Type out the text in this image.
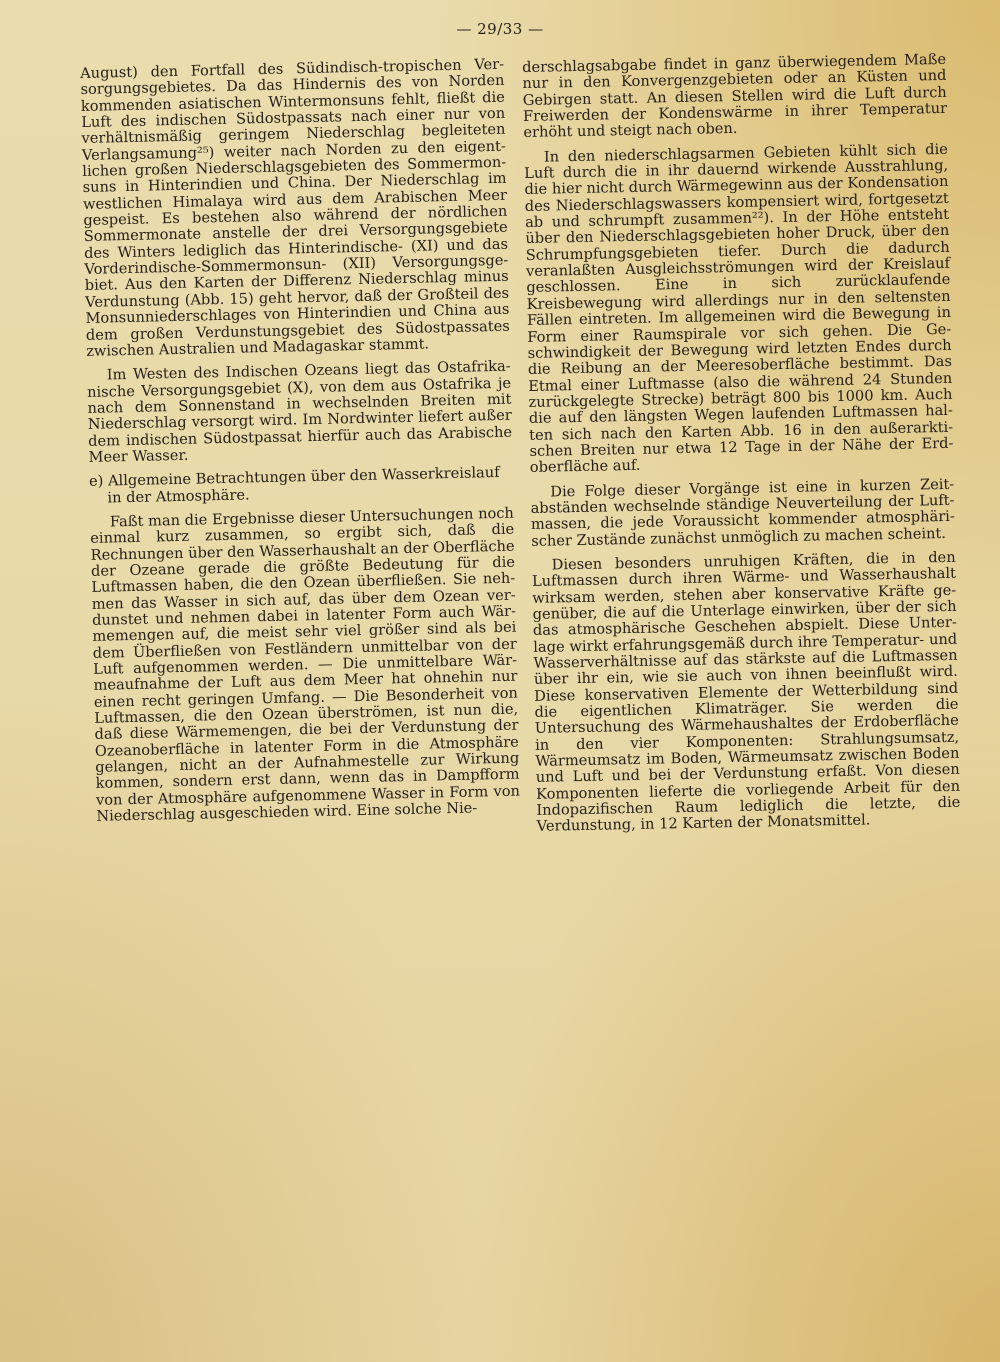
— 29/33 —

August) den Fortfall des Südindisch-tropischen Versorgungsgebietes. Da das Hindernis des von Norden kommenden asiatischen Wintermonsuns fehlt, fließt die Luft des indischen Südostpassats nach einer nur von verhältnismäßig geringem Niederschlag begleiteten Verlangsamung²⁵) weiter nach Norden zu den eigentlichen großen Niederschlagsgebieten des Sommermonsuns in Hinterindien und China. Der Niederschlag im westlichen Himalaya wird aus dem Arabischen Meer gespeist. Es bestehen also während der nördlichen Sommermonate anstelle der drei Versorgungsgebiete des Winters lediglich das Hinterindische- (XI) und das Vorderindische-Sommermonsun- (XII) Versorgungsgebiet. Aus den Karten der Differenz Niederschlag minus Verdunstung (Abb. 15) geht hervor, daß der Großteil des Monsunniederschlages von Hinterindien und China aus dem großen Verdunstungsgebiet des Südostpassates zwischen Australien und Madagaskar stammt.

Im Westen des Indischen Ozeans liegt das Ostafrikanische Versorgungsgebiet (X), von dem aus Ostafrika je nach dem Sonnenstand in wechselnden Breiten mit Niederschlag versorgt wird. Im Nordwinter liefert außer dem indischen Südostpassat hierfür auch das Arabische Meer Wasser.

e) Allgemeine Betrachtungen über den Wasserkreislauf in der Atmosphäre.

Faßt man die Ergebnisse dieser Untersuchungen noch einmal kurz zusammen, so ergibt sich, daß die Rechnungen über den Wasserhaushalt an der Oberfläche der Ozeane gerade die größte Bedeutung für die Luftmassen haben, die den Ozean überfließen. Sie nehmen das Wasser in sich auf, das über dem Ozean verdunstet und nehmen dabei in latenter Form auch Wärmemengen auf, die meist sehr viel größer sind als bei dem Überfließen von Festländern unmittelbar von der Luft aufgenommen werden. — Die unmittelbare Wärmeaufnahme der Luft aus dem Meer hat ohnehin nur einen recht geringen Umfang. — Die Besonderheit von Luftmassen, die den Ozean überströmen, ist nun die, daß diese Wärmemengen, die bei der Verdunstung der Ozeanoberfläche in latenter Form in die Atmosphäre gelangen, nicht an der Aufnahmestelle zur Wirkung kommen, sondern erst dann, wenn das in Dampfform von der Atmosphäre aufgenommene Wasser in Form von Niederschlag ausgeschieden wird. Eine solche Nie-

derschlagsabgabe findet in ganz überwiegendem Maße nur in den Konvergenzgebieten oder an Küsten und Gebirgen statt. An diesen Stellen wird die Luft durch Freiwerden der Kondenswärme in ihrer Temperatur erhöht und steigt nach oben.

In den niederschlagsarmen Gebieten kühlt sich die Luft durch die in ihr dauernd wirkende Ausstrahlung, die hier nicht durch Wärmegewinn aus der Kondensation des Niederschlagswassers kompensiert wird, fortgesetzt ab und schrumpft zusammen²²). In der Höhe entsteht über den Niederschlagsgebieten hoher Druck, über den Schrumpfungsgebieten tiefer. Durch die dadurch veranlaßten Ausgleichsströmungen wird der Kreislauf geschlossen. Eine in sich zurücklaufende Kreisbewegung wird allerdings nur in den seltensten Fällen eintreten. Im allgemeinen wird die Bewegung in Form einer Raumspirale vor sich gehen. Die Geschwindigkeit der Bewegung wird letzten Endes durch die Reibung an der Meeresoberfläche bestimmt. Das Etmal einer Luftmasse (also die während 24 Stunden zurückgelegte Strecke) beträgt 800 bis 1000 km. Auch die auf den längsten Wegen laufenden Luftmassen halten sich nach den Karten Abb. 16 in den außerarktischen Breiten nur etwa 12 Tage in der Nähe der Erdoberfläche auf.

Die Folge dieser Vorgänge ist eine in kurzen Zeitabständen wechselnde ständige Neuverteilung der Luftmassen, die jede Voraussicht kommender atmosphärischer Zustände zunächst unmöglich zu machen scheint.

Diesen besonders unruhigen Kräften, die in den Luftmassen durch ihren Wärme- und Wasserhaushalt wirksam werden, stehen aber konservative Kräfte gegenüber, die auf die Unterlage einwirken, über der sich das atmosphärische Geschehen abspielt. Diese Unterlage wirkt erfahrungsgemäß durch ihre Temperatur- und Wasserverhältnisse auf das stärkste auf die Luftmassen über ihr ein, wie sie auch von ihnen beeinflußt wird. Diese konservativen Elemente der Wetterbildung sind die eigentlichen Klimaträger. Sie werden die Untersuchung des Wärmehaushaltes der Erdoberfläche in den vier Komponenten: Strahlungsumsatz, Wärmeumsatz im Boden, Wärmeumsatz zwischen Boden und Luft und bei der Verdunstung erfaßt. Von diesen Komponenten lieferte die vorliegende Arbeit für den Indopazifischen Raum lediglich die letzte, die Verdunstung, in 12 Karten der Monatsmittel.
